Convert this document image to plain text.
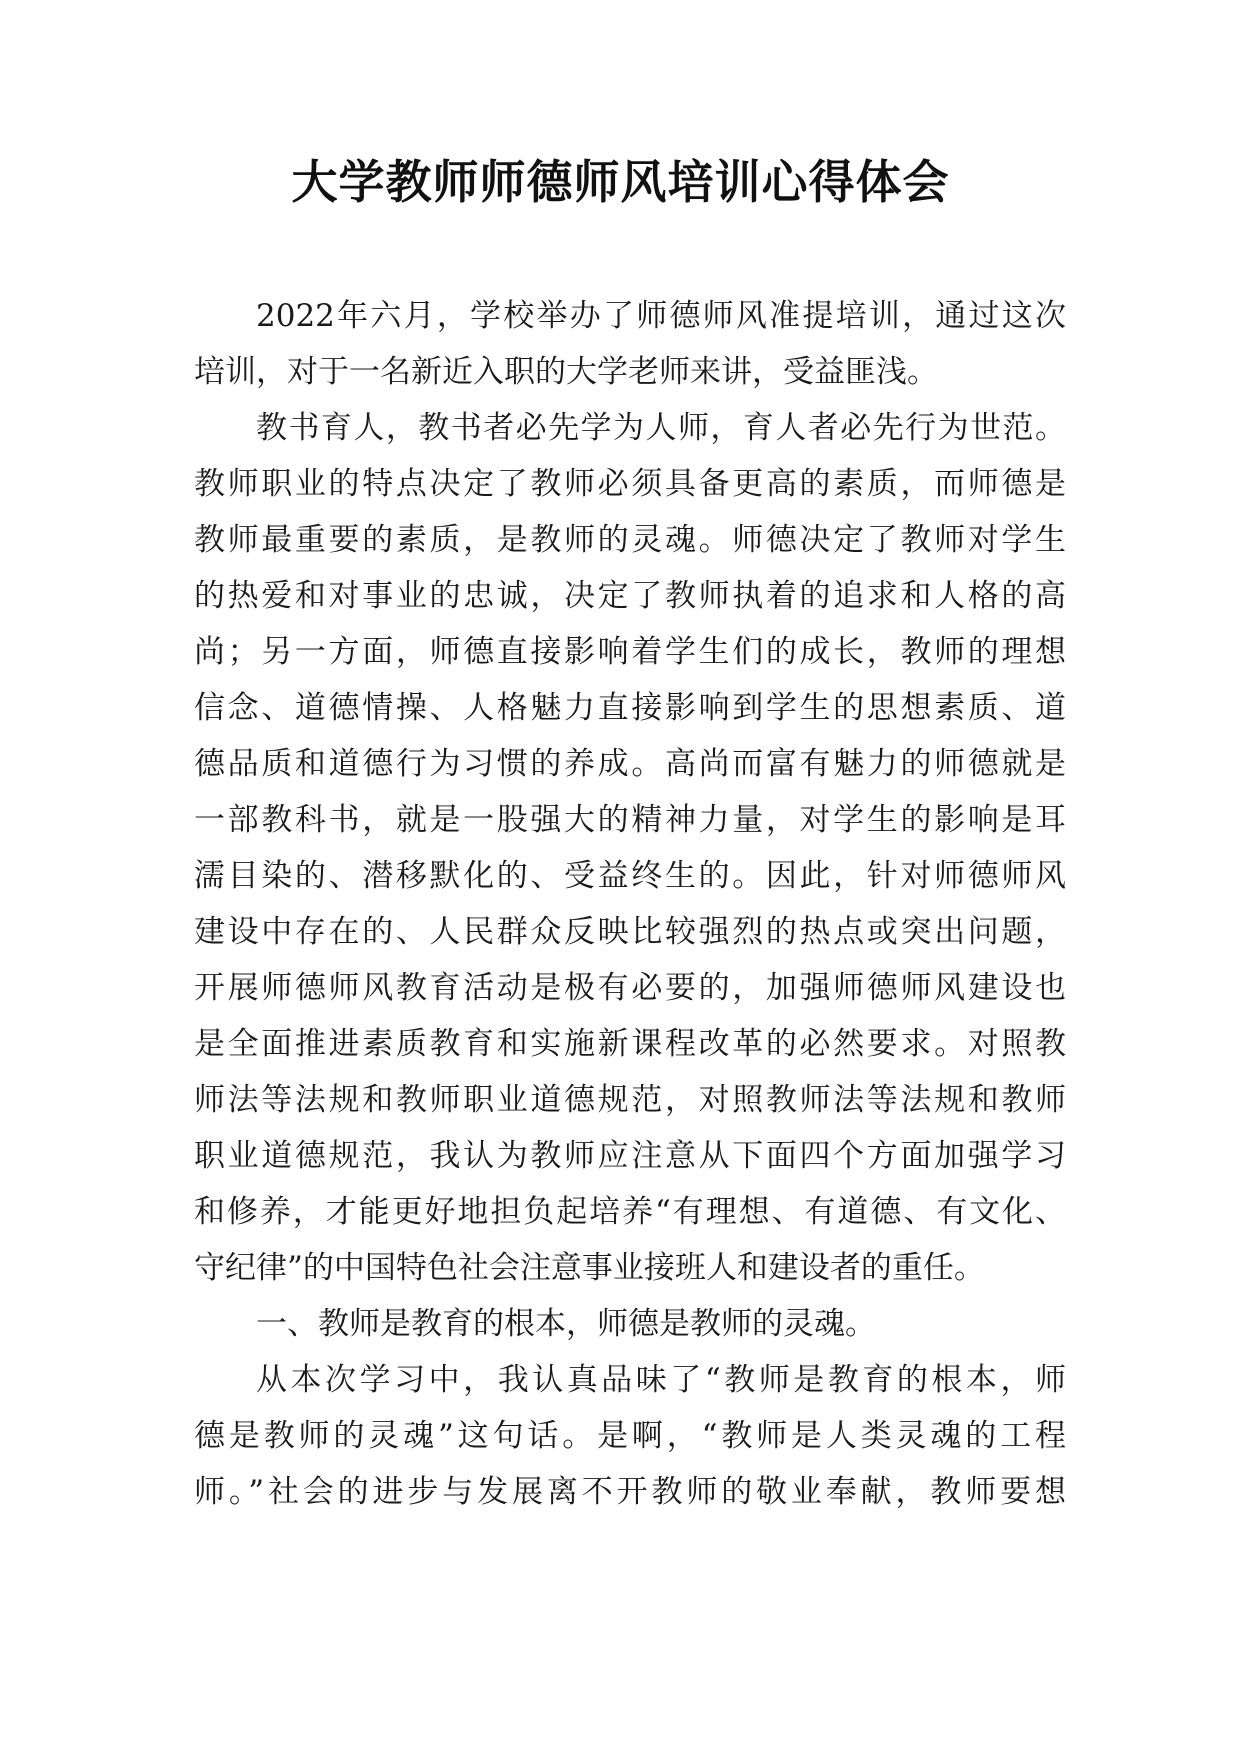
大学教师师德师风培训心得体会
2022年六月，学校举办了师德师风准提培训，通过这次
培训，对于一名新近入职的大学老师来讲，受益匪浅。
教书育人，教书者必先学为人师，育人者必先行为世范。
教师职业的特点决定了教师必须具备更高的素质，而师德是
教师最重要的素质，是教师的灵魂。师德决定了教师对学生
的热爱和对事业的忠诚，决定了教师执着的追求和人格的高
尚；另一方面，师德直接影响着学生们的成长，教师的理想
信念、道德情操、人格魅力直接影响到学生的思想素质、道
德品质和道德行为习惯的养成。高尚而富有魅力的师德就是
一部教科书，就是一股强大的精神力量，对学生的影响是耳
濡目染的、潜移默化的、受益终生的。因此，针对师德师风
建设中存在的、人民群众反映比较强烈的热点或突出问题，
开展师德师风教育活动是极有必要的，加强师德师风建设也
是全面推进素质教育和实施新课程改革的必然要求。对照教
师法等法规和教师职业道德规范，对照教师法等法规和教师
职业道德规范，我认为教师应注意从下面四个方面加强学习
和修养，才能更好地担负起培养“有理想、有道德、有文化、
守纪律”的中国特色社会注意事业接班人和建设者的重任。
一、教师是教育的根本，师德是教师的灵魂。
从本次学习中，我认真品味了“教师是教育的根本，师
德是教师的灵魂”这句话。是啊，“教师是人类灵魂的工程
师。”社会的进步与发展离不开教师的敬业奉献，教师要想
